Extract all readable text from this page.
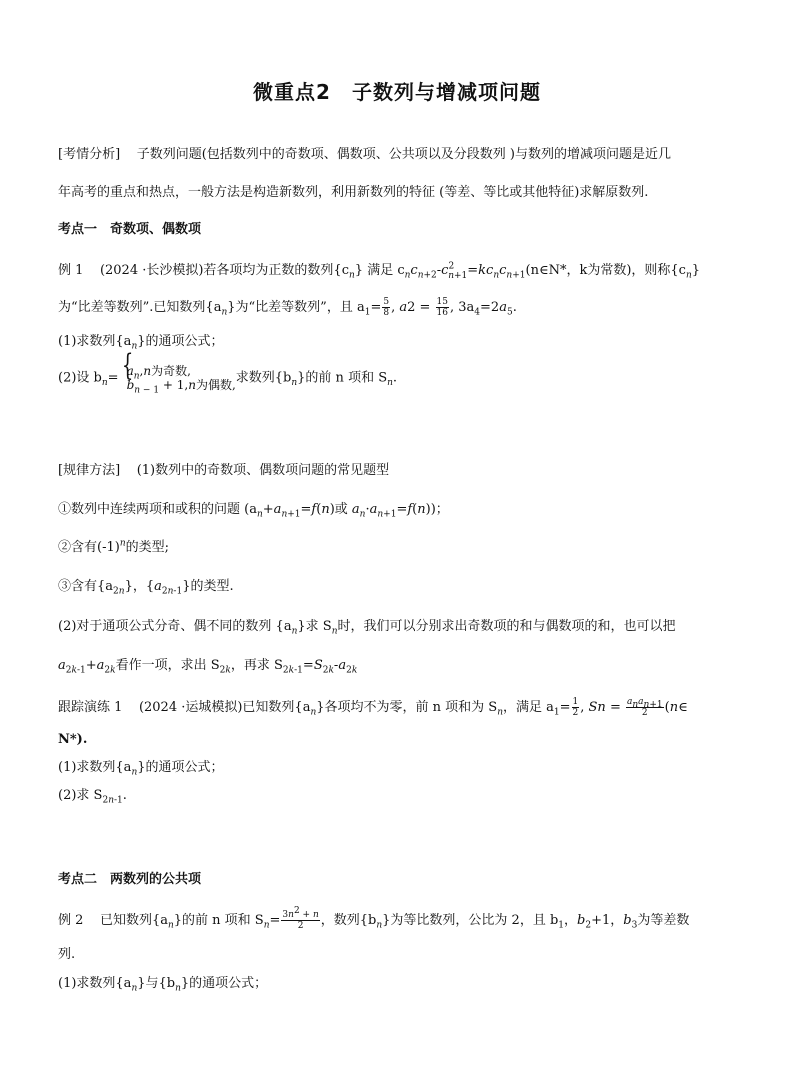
微重点2　子数列与增减项问题
[考情分析] 子数列问题(包括数列中的奇数项、偶数项、公共项以及分段数列 )与数列的增减项问题是近几
年高考的重点和热点，一般方法是构造新数列，利用新数列的特征 (等差、等比或其他特征)求解原数列.
考点一　奇数项、偶数项
例 1 (2024 ·长沙模拟)若各项均为正数的数列$\{c_n\}$ 满足 $c_nc_{n+2}-c^2_{n+1}=kc_nc_{n+1}(n\in N*$，k为常数)，则称$\{c_n\}$
为“比差等数列”.已知数列$\{a_n\}$为“比差等数列”，且 $a_1= \frac{5}{8}$ , $a2 = \frac{15}{16}$ , $3a_4=2a_5$.
(1)求数列$\{a_n\}$的通项公式；
(2)设 $b_n=$
{ $a_n,n$为奇数,
$b_{n - 1} + 1,n$为偶数, 求数列$\{b_n\}$的前 n 项和 $S_n$.
[规律方法] (1)数列中的奇数项、偶数项问题的常见题型
①数列中连续两项和或积的问题 ($a_n+a_{n+1}=f(n)$或 $a_n\cdot a_{n+1}=f(n)$)；
②含有$(-1)^n$的类型;
③含有$\{a_{2n}\}$，$\{a_{2n-1}\}$的类型.
(2)对于通项公式分奇、偶不同的数列 $\{a_n\}$求 $S_n$时，我们可以分别求出奇数项的和与偶数项的和，也可以把
$a_{2k-1}+a_{2k}$看作一项，求出 $S_{2k}$，再求 $S_{2k-1}=S_{2k}-a_{2k}$
跟踪演练 1 (2024 ·运城模拟)已知数列$\{a_n\}$各项均不为零，前 n 项和为 $S_n$，满足 $a_1= \frac{1}{2}$ , $Sn = \frac{a_na_{n+1}}{2}$ (n∈
N*).
(1)求数列$\{a_n\}$的通项公式；
(2)求 $S_{2n-1}$.
考点二　两数列的公共项
例 2 已知数列$\{a_n\}$的前 n 项和 $S_n= \frac{3n^2 + n}{2}$ ，数列$\{b_n\}$为等比数列，公比为 2，且 $b_1$，$b_2+1$，$b_3$为等差数
列.
(1)求数列$\{a_n\}$与$\{b_n\}$的通项公式；
